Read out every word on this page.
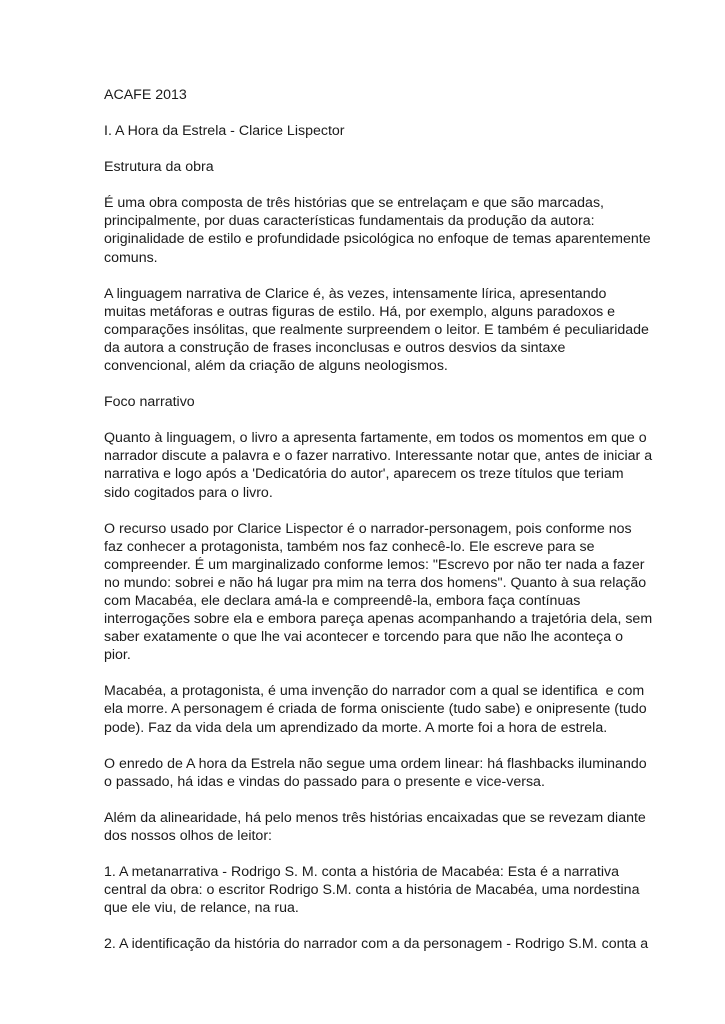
ACAFE 2013

I. A Hora da Estrela - Clarice Lispector

Estrutura da obra

É uma obra composta de três histórias que se entrelaçam e que são marcadas,
principalmente, por duas características fundamentais da produção da autora:
originalidade de estilo e profundidade psicológica no enfoque de temas aparentemente
comuns.

A linguagem narrativa de Clarice é, às vezes, intensamente lírica, apresentando
muitas metáforas e outras figuras de estilo. Há, por exemplo, alguns paradoxos e
comparações insólitas, que realmente surpreendem o leitor. E também é peculiaridade
da autora a construção de frases inconclusas e outros desvios da sintaxe
convencional, além da criação de alguns neologismos.

Foco narrativo

Quanto à linguagem, o livro a apresenta fartamente, em todos os momentos em que o
narrador discute a palavra e o fazer narrativo. Interessante notar que, antes de iniciar a
narrativa e logo após a 'Dedicatória do autor', aparecem os treze títulos que teriam
sido cogitados para o livro.

O recurso usado por Clarice Lispector é o narrador-personagem, pois conforme nos
faz conhecer a protagonista, também nos faz conhecê-lo. Ele escreve para se
compreender. É um marginalizado conforme lemos: "Escrevo por não ter nada a fazer
no mundo: sobrei e não há lugar pra mim na terra dos homens". Quanto à sua relação
com Macabéa, ele declara amá-la e compreendê-la, embora faça contínuas
interrogações sobre ela e embora pareça apenas acompanhando a trajetória dela, sem
saber exatamente o que lhe vai acontecer e torcendo para que não lhe aconteça o
pior.

Macabéa, a protagonista, é uma invenção do narrador com a qual se identifica  e com
ela morre. A personagem é criada de forma onisciente (tudo sabe) e onipresente (tudo
pode). Faz da vida dela um aprendizado da morte. A morte foi a hora de estrela.

O enredo de A hora da Estrela não segue uma ordem linear: há flashbacks iluminando
o passado, há idas e vindas do passado para o presente e vice-versa.

Além da alinearidade, há pelo menos três histórias encaixadas que se revezam diante
dos nossos olhos de leitor:

1. A metanarrativa - Rodrigo S. M. conta a história de Macabéa: Esta é a narrativa
central da obra: o escritor Rodrigo S.M. conta a história de Macabéa, uma nordestina
que ele viu, de relance, na rua.

2. A identificação da história do narrador com a da personagem - Rodrigo S.M. conta a
